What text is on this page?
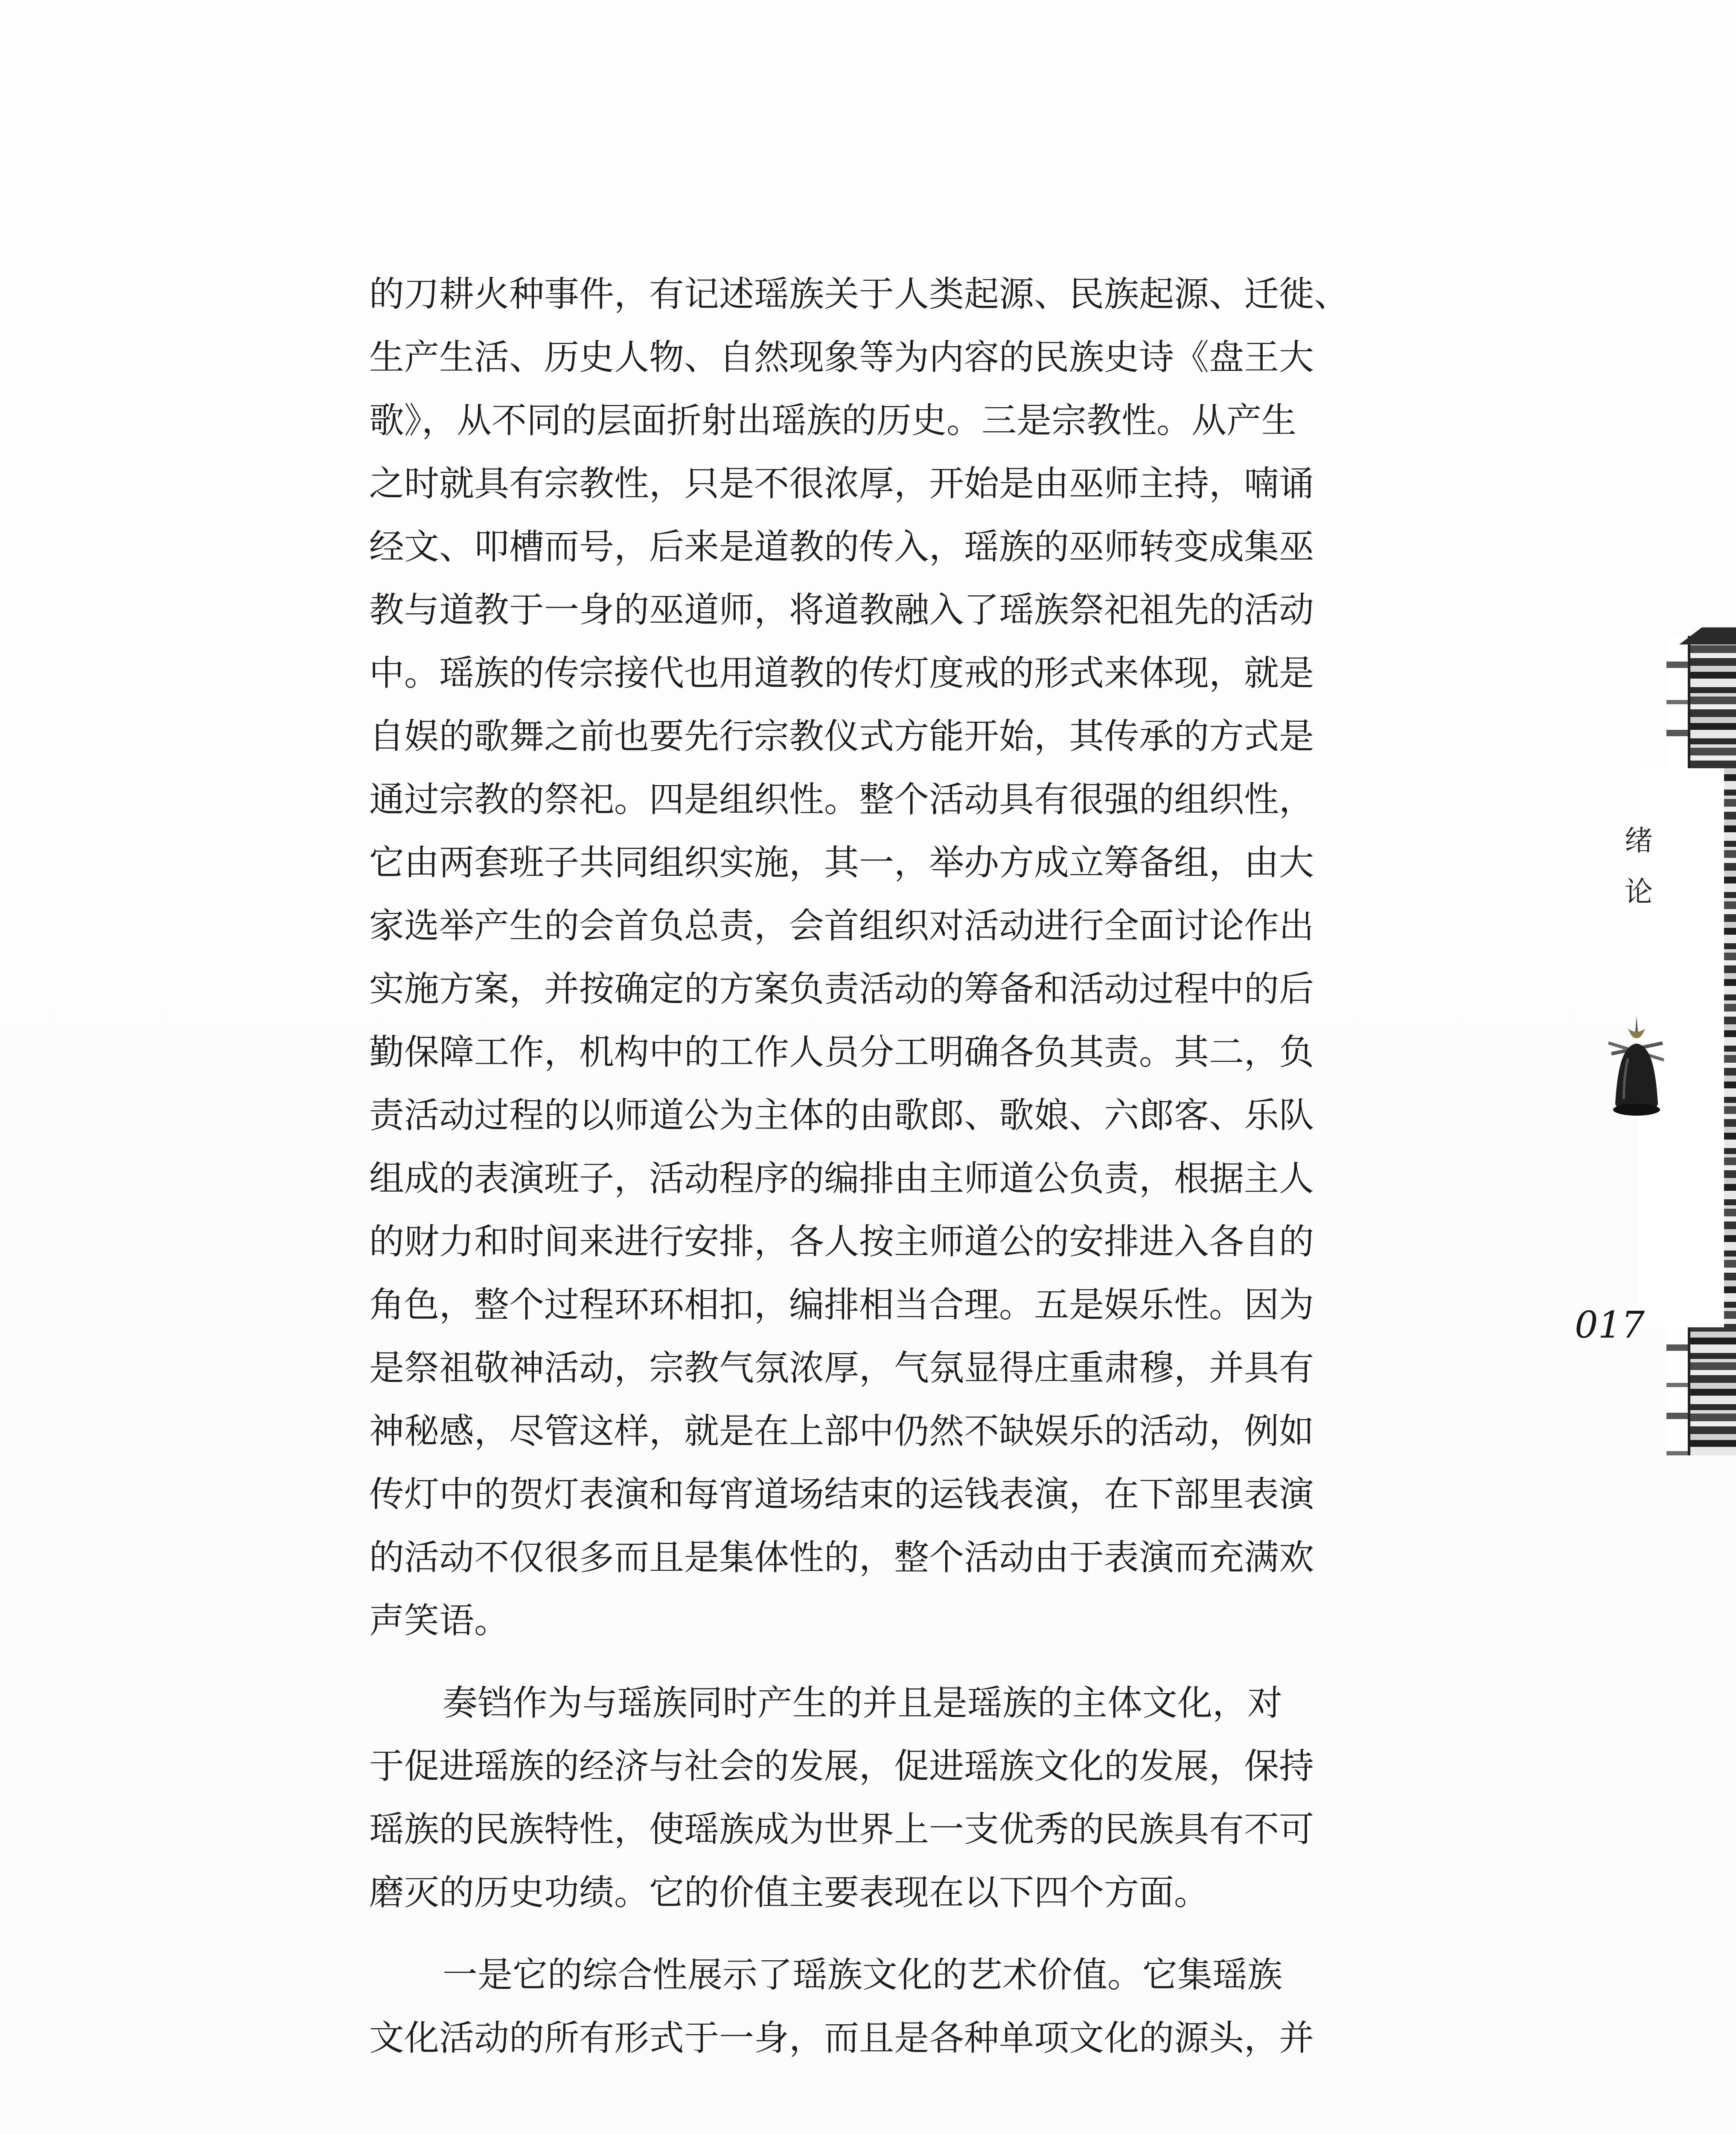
的刀耕火种事件，有记述瑶族关于人类起源、民族起源、迁徙、
生产生活、历史人物、自然现象等为内容的民族史诗《盘王大
歌》，从不同的层面折射出瑶族的历史。三是宗教性。从产生
之时就具有宗教性，只是不很浓厚，开始是由巫师主持，喃诵
经文、叩槽而号，后来是道教的传入，瑶族的巫师转变成集巫
教与道教于一身的巫道师，将道教融入了瑶族祭祀祖先的活动
中。瑶族的传宗接代也用道教的传灯度戒的形式来体现，就是
自娱的歌舞之前也要先行宗教仪式方能开始，其传承的方式是
通过宗教的祭祀。四是组织性。整个活动具有很强的组织性，
它由两套班子共同组织实施，其一，举办方成立筹备组，由大
家选举产生的会首负总责，会首组织对活动进行全面讨论作出
实施方案，并按确定的方案负责活动的筹备和活动过程中的后
勤保障工作，机构中的工作人员分工明确各负其责。其二，负
责活动过程的以师道公为主体的由歌郎、歌娘、六郎客、乐队
组成的表演班子，活动程序的编排由主师道公负责，根据主人
的财力和时间来进行安排，各人按主师道公的安排进入各自的
角色，整个过程环环相扣，编排相当合理。五是娱乐性。因为
是祭祖敬神活动，宗教气氛浓厚，气氛显得庄重肃穆，并具有
神秘感，尽管这样，就是在上部中仍然不缺娱乐的活动，例如
传灯中的贺灯表演和每宵道场结束的运钱表演，在下部里表演
的活动不仅很多而且是集体性的，整个活动由于表演而充满欢
声笑语。
奏铛作为与瑶族同时产生的并且是瑶族的主体文化，对
于促进瑶族的经济与社会的发展，促进瑶族文化的发展，保持
瑶族的民族特性，使瑶族成为世界上一支优秀的民族具有不可
磨灭的历史功绩。它的价值主要表现在以下四个方面。
一是它的综合性展示了瑶族文化的艺术价值。它集瑶族
文化活动的所有形式于一身，而且是各种单项文化的源头，并
绪
论
017
